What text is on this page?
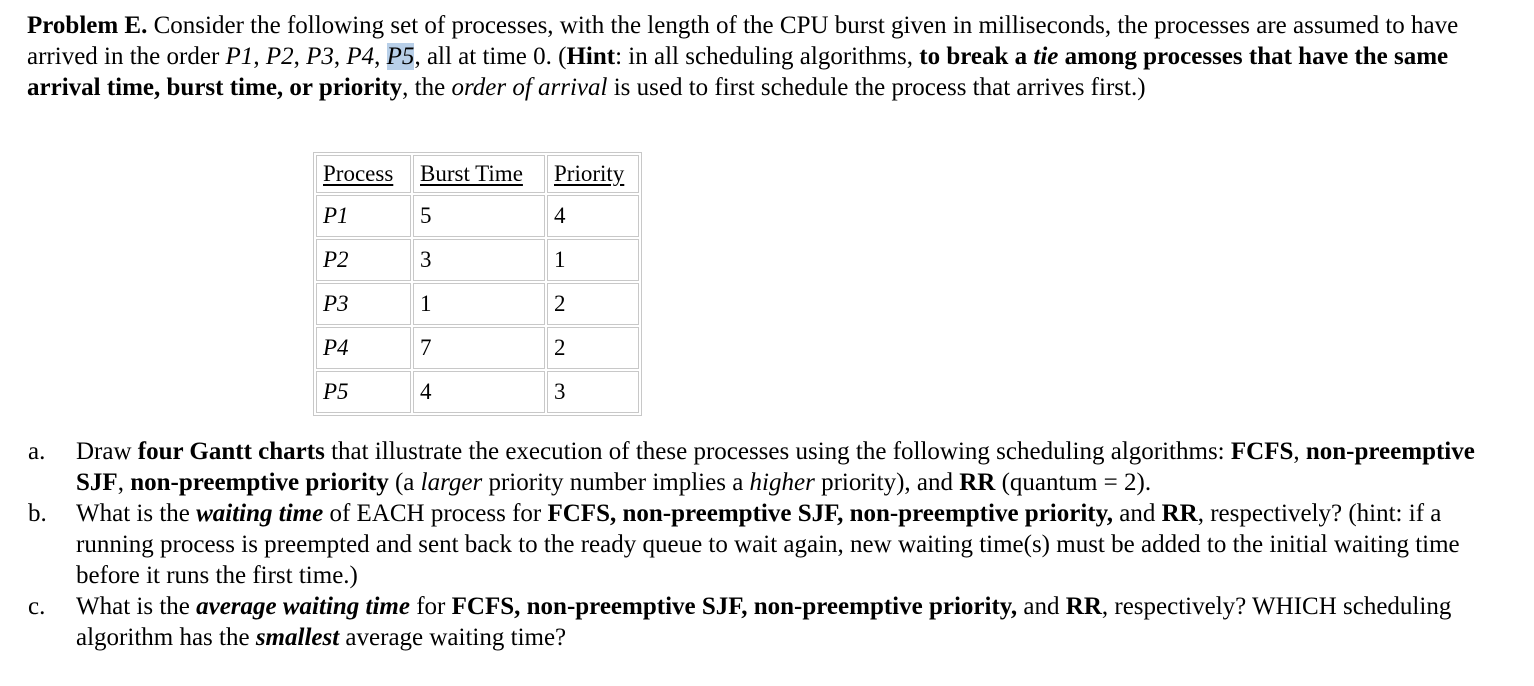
Problem E. Consider the following set of processes, with the length of the CPU burst given in milliseconds, the processes are assumed to have arrived in the order P1, P2, P3, P4, P5, all at time 0. (Hint: in all scheduling algorithms, to break a tie among processes that have the same arrival time, burst time, or priority, the order of arrival is used to first schedule the process that arrives first.)

Process	Burst Time	Priority
P1	5	4
P2	3	1
P3	1	2
P4	7	2
P5	4	3
a. Draw four Gantt charts that illustrate the execution of these processes using the following scheduling algorithms: FCFS, non-preemptive SJF, non-preemptive priority (a larger priority number implies a higher priority), and RR (quantum = 2).
b. What is the waiting time of EACH process for FCFS, non-preemptive SJF, non-preemptive priority, and RR, respectively? (hint: if a running process is preempted and sent back to the ready queue to wait again, new waiting time(s) must be added to the initial waiting time before it runs the first time.)
c. What is the average waiting time for FCFS, non-preemptive SJF, non-preemptive priority, and RR, respectively? WHICH scheduling algorithm has the smallest average waiting time?
